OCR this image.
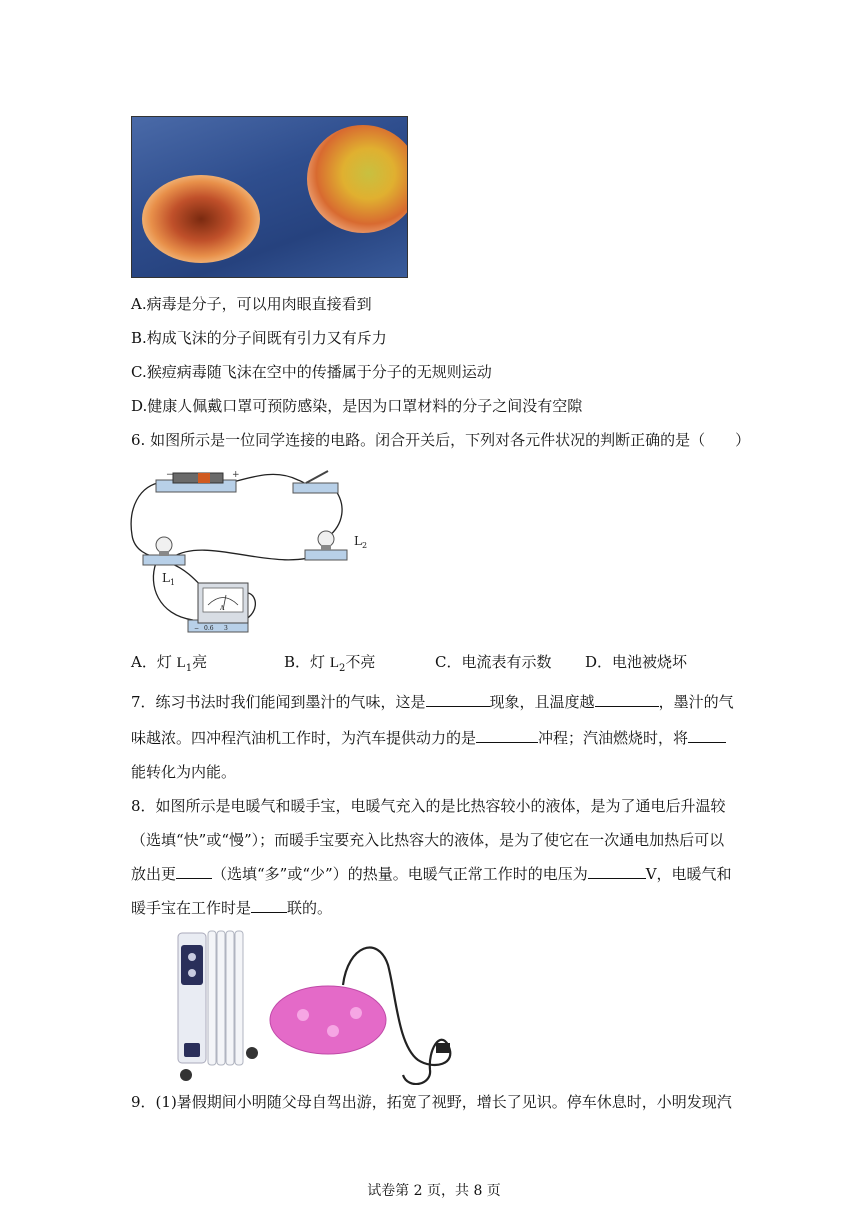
A.病毒是分子，可以用肉眼直接看到
B.构成飞沫的分子间既有引力又有斥力
C.猴痘病毒随飞沫在空中的传播属于分子的无规则运动
D.健康人佩戴口罩可预防感染，是因为口罩材料的分子之间没有空隙
6. 如图所示是一位同学连接的电路。闭合开关后，下列对各元件状况的判断正确的是（　　）
−	+
$L_1$
$L_2$
A
− 0.6 3
A．灯 $L_1$亮	B．灯 $L_2$不亮	C．电流表有示数 D．电池被烧坏
7．练习书法时我们能闻到墨汁的气味，这是	现象，且温度越	，墨汁的气
味越浓。四冲程汽油机工作时，为汽车提供动力的是	冲程；汽油燃烧时，将
能转化为内能。
8．如图所示是电暖气和暖手宝，电暖气充入的是比热容较小的液体，是为了通电后升温较
（选填“快”或“慢”）；而暖手宝要充入比热容大的液体，是为了使它在一次通电加热后可以
放出更 （选填“多”或“少”）的热量。电暖气正常工作时的电压为	V，电暖气和
暖手宝在工作时是 联的。
9．(1)暑假期间小明随父母自驾出游，拓宽了视野，增长了见识。停车休息时，小明发现汽
试卷第 2 页，共 8 页
